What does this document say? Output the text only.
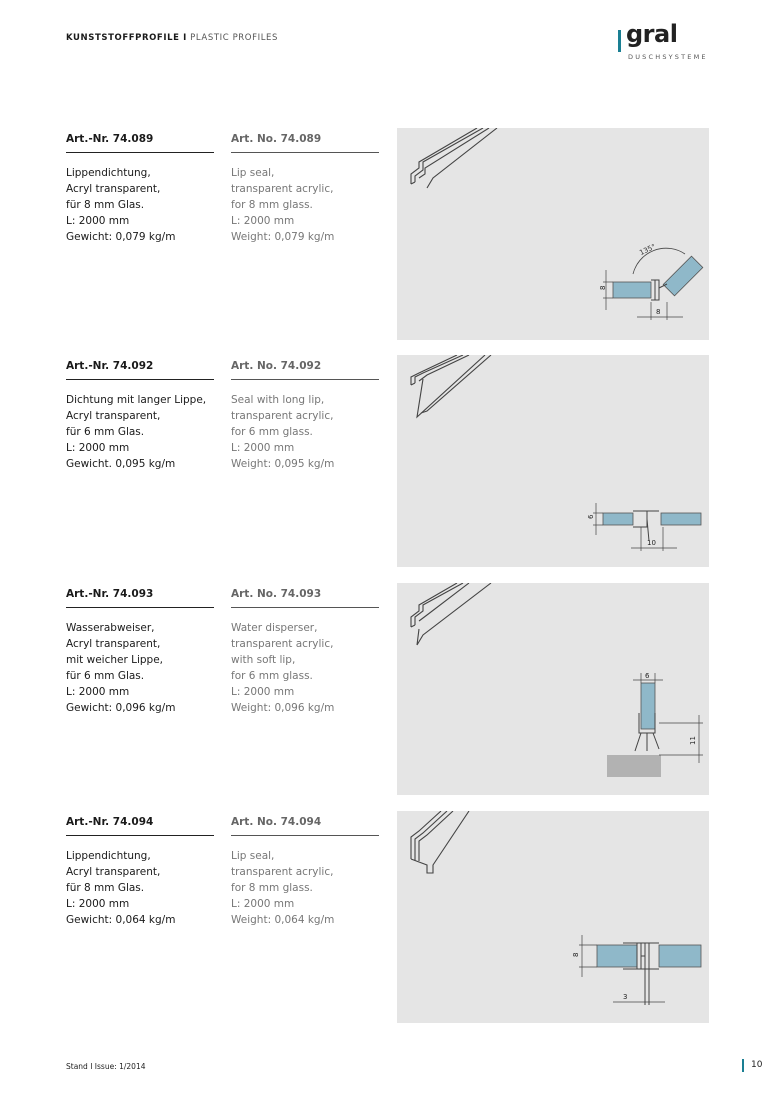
KUNSTSTOFFPROFILE I PLASTIC PROFILES	gral
DUSCHSYSTEME
Art.-Nr. 74.089
Lippendichtung,
Acryl transparent,
für 8 mm Glas.
L: 2000 mm
Gewicht: 0,079 kg/m
Art. No. 74.089
Lip seal,
transparent acrylic,
for 8 mm glass.
L: 2000 mm
Weight: 0,079 kg/m
135°
8
8
Art.-Nr. 74.092
Dichtung mit langer Lippe,
Acryl transparent,
für 6 mm Glas.
L: 2000 mm
Gewicht. 0,095 kg/m
Art. No. 74.092
Seal with long lip,
transparent acrylic,
for 6 mm glass.
L: 2000 mm
Weight: 0,095 kg/m
6
10
Art.-Nr. 74.093
Wasserabweiser,
Acryl transparent,
mit weicher Lippe,
für 6 mm Glas.
L: 2000 mm
Gewicht: 0,096 kg/m
Art. No. 74.093
Water disperser,
transparent acrylic,
with soft lip,
for 6 mm glass.
L: 2000 mm
Weight: 0,096 kg/m
6
11
Art.-Nr. 74.094
Lippendichtung,
Acryl transparent,
für 8 mm Glas.
L: 2000 mm
Gewicht: 0,064 kg/m
Art. No. 74.094
Lip seal,
transparent acrylic,
for 8 mm glass.
L: 2000 mm
Weight: 0,064 kg/m
8
3
Stand I Issue: 1/2014	10
